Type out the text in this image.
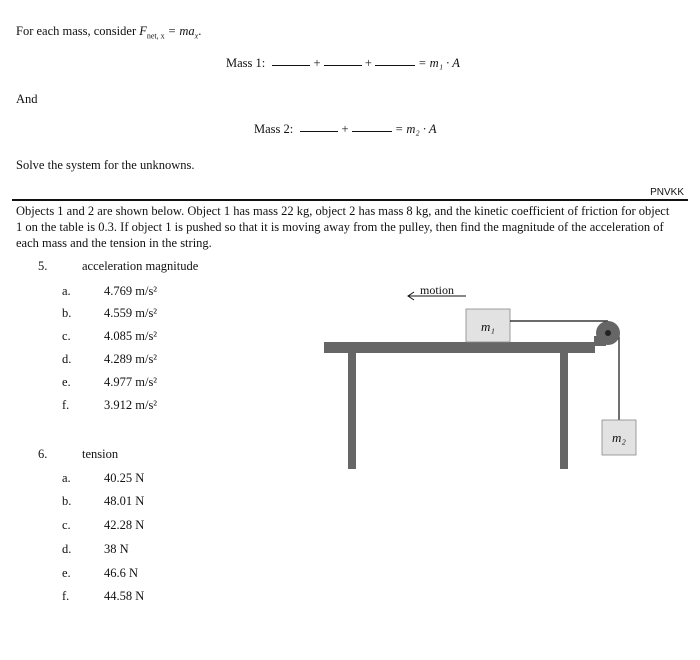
For each mass, consider $F_{net, x} = ma_x$.
Mass 1:	+	+	= m₁ · A
And
Mass 2:	+	= m₂ · A
Solve the system for the unknowns.
PNVKK
Objects 1 and 2 are shown below. Object 1 has mass 22 kg, object 2 has mass 8 kg, and the kinetic coefficient of friction for object 1 on the table is 0.3. If object 1 is pushed so that it is moving away from the pulley, then find the magnitude of the acceleration of each mass and the tension in the string.
5.	acceleration magnitude
a.	4.769 m/s²
b.	4.559 m/s²
c.	4.085 m/s²
d.	4.289 m/s²
e.	4.977 m/s²
f.	3.912 m/s²
6.	tension
a.	40.25 N
b.	48.01 N
c.	42.28 N
d.	38 N
e.	46.6 N
f.	44.58 N
motion
m₁
m₂
